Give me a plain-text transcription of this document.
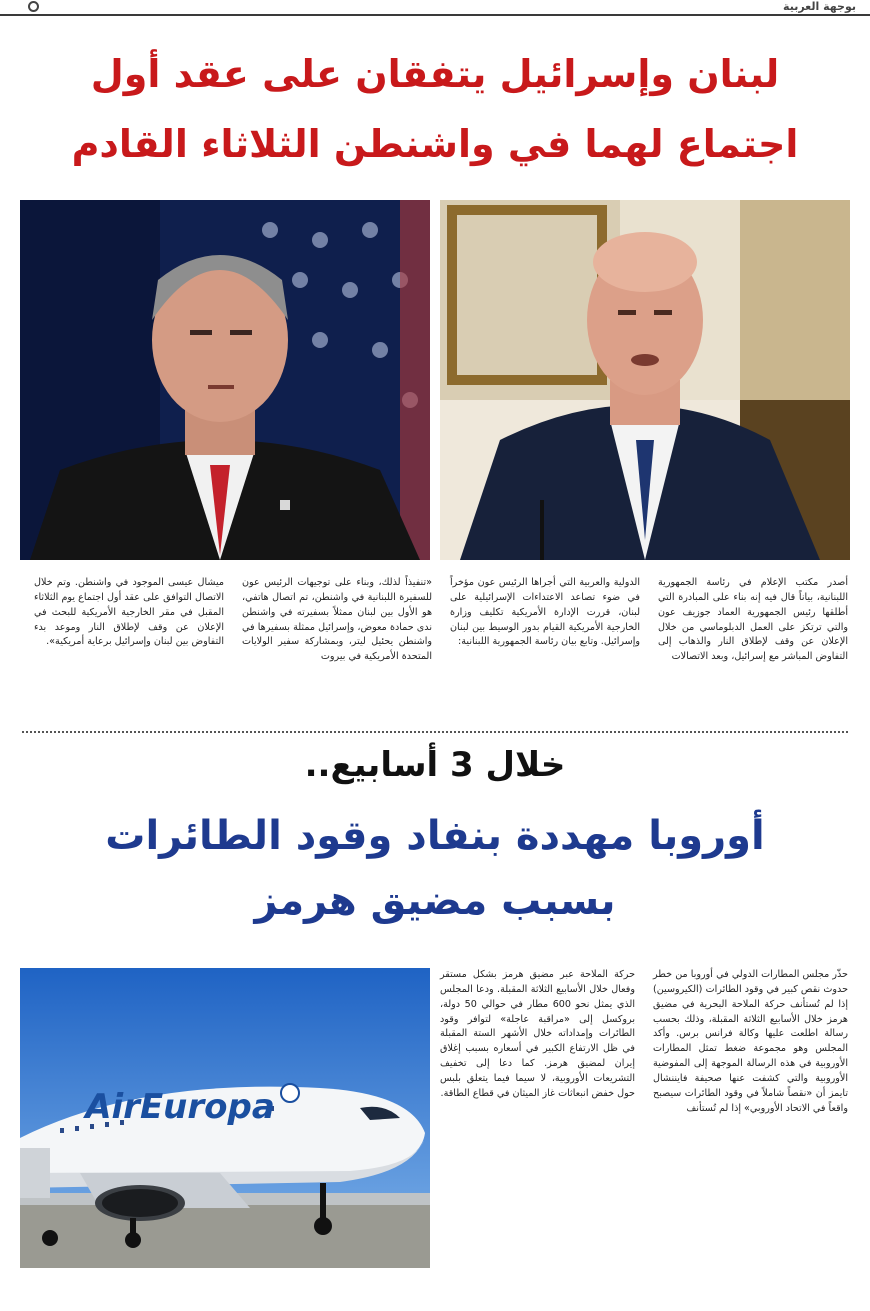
بوجهة العربية
لبنان وإسرائيل يتفقان على عقد أول
اجتماع لهما في واشنطن الثلاثاء القادم

أصدر مكتب الإعلام في رئاسة الجمهورية اللبنانية، بياناً قال فيه إنه بناء على المبادرة التي أطلقها رئيس الجمهورية العماد جوزيف عون والتي ترتكز على العمل الدبلوماسي من خلال الإعلان عن وقف لإطلاق النار والذهاب إلى التفاوض المباشر مع إسرائيل، وبعد الاتصالات

الدولية والعربية التي أجراها الرئيس عون مؤخراً في ضوء تصاعد الاعتداءات الإسرائيلية على لبنان، قررت الإدارة الأمريكية تكليف وزارة الخارجية الأمريكية القيام بدور الوسيط بين لبنان وإسرائيل. وتابع بيان رئاسة الجمهورية اللبنانية:

«تنفيذاً لذلك، وبناء على توجيهات الرئيس عون للسفيرة اللبنانية في واشنطن، تم اتصال هاتفي، هو الأول بين لبنان ممثلاً بسفيرته في واشنطن ندى حمادة معوض، وإسرائيل ممثلة بسفيرها في واشنطن يحئيل ليتر، وبمشاركة سفير الولايات المتحدة الأمريكية في بيروت

ميشال عيسى الموجود في واشنطن. وتم خلال الاتصال التوافق على عقد أول اجتماع يوم الثلاثاء المقبل في مقر الخارجية الأمريكية للبحث في الإعلان عن وقف لإطلاق النار وموعد بدء التفاوض بين لبنان وإسرائيل برعاية أمريكية».

خلال 3 أسابيع..
أوروبا مهددة بنفاد وقود الطائرات
بسبب مضيق هرمز

حذّر مجلس المطارات الدولي في أوروبا من خطر حدوث نقص كبير في وقود الطائرات (الكيروسين) إذا لم تُستأنف حركة الملاحة البحرية في مضيق هرمز خلال الأسابيع الثلاثة المقبلة، وذلك بحسب رسالة اطلعت عليها وكالة فرانس برس. وأكد المجلس وهو مجموعة ضغط تمثل المطارات الأوروبية في هذه الرسالة الموجهة إلى المفوضية الأوروبية والتي كشفت عنها صحيفة فايننشال تايمز أن «نقصاً شاملاً في وقود الطائرات سيصبح واقعاً في الاتحاد الأوروبي» إذا لم تُستأنف

حركة الملاحة عبر مضيق هرمز بشكل مستقر وفعال خلال الأسابيع الثلاثة المقبلة. ودعا المجلس الذي يمثل نحو 600 مطار في حوالي 50 دولة، بروكسل إلى «مراقبة عاجلة» لتوافر وقود الطائرات وإمداداته خلال الأشهر الستة المقبلة في ظل الارتفاع الكبير في أسعاره بسبب إغلاق إيران لمضيق هرمز. كما دعا إلى تخفيف التشريعات الأوروبية، لا سيما فيما يتعلق بلبس حول خفض انبعاثات غاز الميثان في قطاع الطاقة.

AirEuropa
